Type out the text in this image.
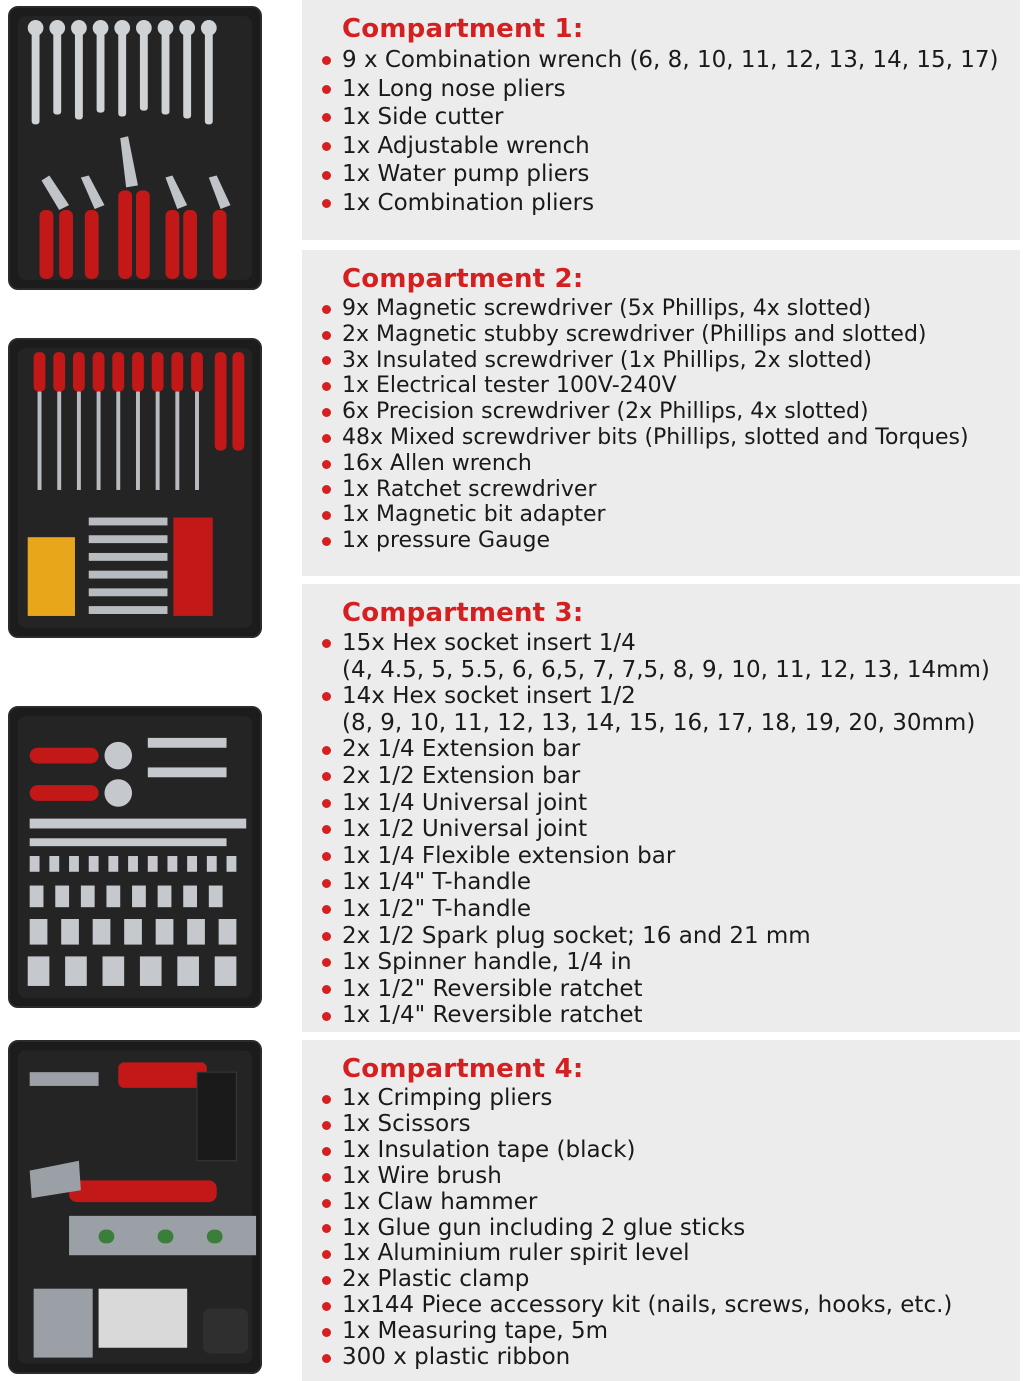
Compartment 1:
9 x Combination wrench (6, 8, 10, 11, 12, 13, 14, 15, 17)
1x Long nose pliers
1x Side cutter
1x Adjustable wrench
1x Water pump pliers
1x Combination pliers
Compartment 2:
9x Magnetic screwdriver (5x Phillips, 4x slotted)
2x Magnetic stubby screwdriver (Phillips and slotted)
3x Insulated screwdriver (1x Phillips, 2x slotted)
1x Electrical tester 100V-240V
6x Precision screwdriver (2x Phillips, 4x slotted)
48x Mixed screwdriver bits (Phillips, slotted and Torques)
16x Allen wrench
1x Ratchet screwdriver
1x Magnetic bit adapter
1x pressure Gauge
Compartment 3:
15x Hex socket insert 1/4
(4, 4.5, 5, 5.5, 6, 6,5, 7, 7,5, 8, 9, 10, 11, 12, 13, 14mm)
14x Hex socket insert 1/2
(8, 9, 10, 11, 12, 13, 14, 15, 16, 17, 18, 19, 20, 30mm)
2x 1/4 Extension bar
2x 1/2 Extension bar
1x 1/4 Universal joint
1x 1/2 Universal joint
1x 1/4 Flexible extension bar
1x 1/4" T-handle
1x 1/2" T-handle
2x 1/2 Spark plug socket; 16 and 21 mm
1x Spinner handle, 1/4 in
1x 1/2" Reversible ratchet
1x 1/4" Reversible ratchet
Compartment 4:
1x Crimping pliers
1x Scissors
1x Insulation tape (black)
1x Wire brush
1x Claw hammer
1x Glue gun including 2 glue sticks
1x Aluminium ruler spirit level
2x Plastic clamp
1x144 Piece accessory kit (nails, screws, hooks, etc.)
1x Measuring tape, 5m
300 x plastic ribbon
